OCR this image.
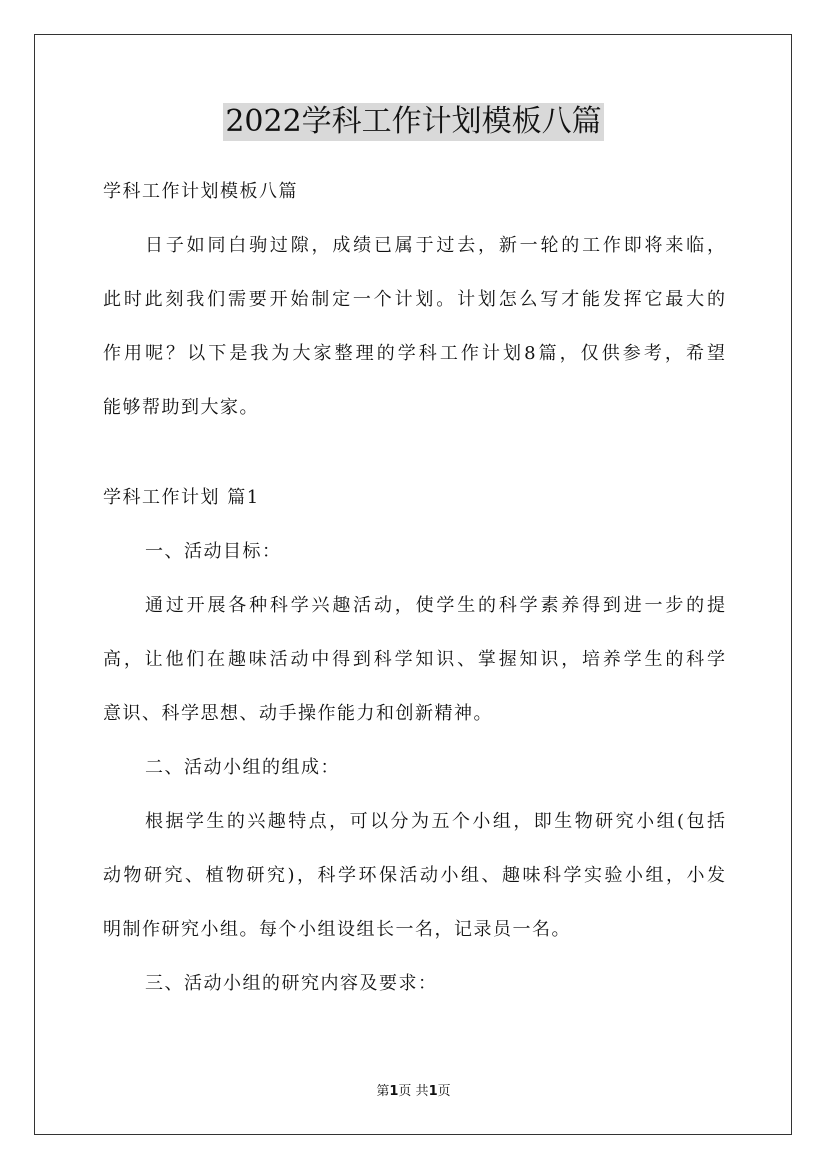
2022学科工作计划模板八篇
学科工作计划模板八篇
日子如同白驹过隙，成绩已属于过去，新一轮的工作即将来临，
此时此刻我们需要开始制定一个计划。计划怎么写才能发挥它最大的
作用呢？以下是我为大家整理的学科工作计划8篇，仅供参考，希望
能够帮助到大家。
学科工作计划 篇1
一、活动目标：
通过开展各种科学兴趣活动，使学生的科学素养得到进一步的提
高，让他们在趣味活动中得到科学知识、掌握知识，培养学生的科学
意识、科学思想、动手操作能力和创新精神。
二、活动小组的组成：
根据学生的兴趣特点，可以分为五个小组，即生物研究小组(包括
动物研究、植物研究)，科学环保活动小组、趣味科学实验小组，小发
明制作研究小组。每个小组设组长一名，记录员一名。
三、活动小组的研究内容及要求：
第1页 共1页
